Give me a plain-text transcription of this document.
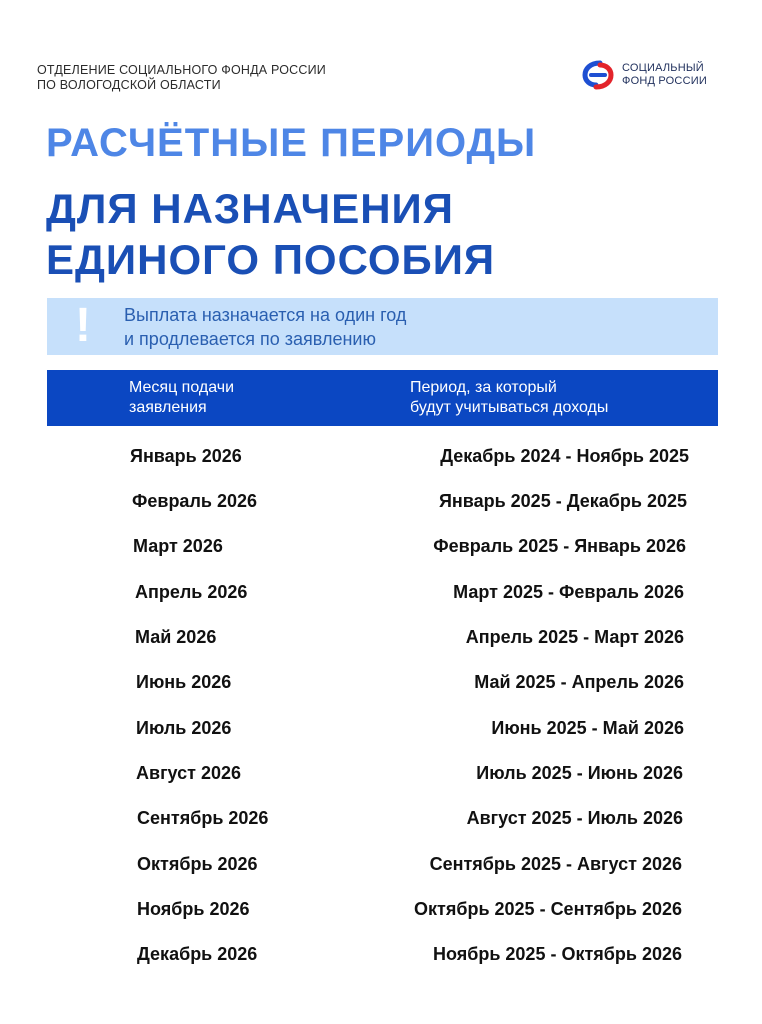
ОТДЕЛЕНИЕ СОЦИАЛЬНОГО ФОНДА РОССИИ
ПО ВОЛОГОДСКОЙ ОБЛАСТИ
СОЦИАЛЬНЫЙ
ФОНД РОССИИ
РАСЧЁТНЫЕ ПЕРИОДЫ
ДЛЯ НАЗНАЧЕНИЯ
ЕДИНОГО ПОСОБИЯ
! Выплата назначается на один год
и продлевается по заявлению
Месяц подачи
заявления
Период, за который
будут учитываться доходы
Январь 2026	Декабрь 2024 - Ноябрь 2025
Февраль 2026	Январь 2025 - Декабрь 2025
Март 2026	Февраль 2025 - Январь 2026
Апрель 2026	Март 2025 - Февраль 2026
Май 2026	Апрель 2025 - Март 2026
Июнь 2026	Май 2025 - Апрель 2026
Июль 2026	Июнь 2025 - Май 2026
Август 2026	Июль 2025 - Июнь 2026
Сентябрь 2026	Август 2025 - Июль 2026
Октябрь 2026	Сентябрь 2025 - Август 2026
Ноябрь 2026	Октябрь 2025 - Сентябрь 2026
Декабрь 2026	Ноябрь 2025 - Октябрь 2026
